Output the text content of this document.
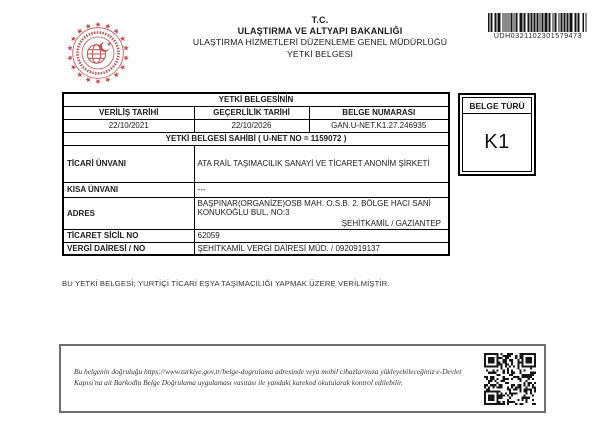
T.C.
ULAŞTIRMA VE ALTYAPI BAKANLIĞI
ULAŞTIRMA HİZMETLERİ DÜZENLEME GENEL MÜDÜRLÜĞÜ
YETKİ BELGESİ
UDH0321102301579473
YETKİ BELGESİNİN		
VERİLİŞ TARİHİ	GEÇERLİLİK TARİHİ	BELGE NUMARASI
22/10/2021	22/10/2026	GAN.U-NET.K1.27.246935
YETKİ BELGESİ SAHİBİ ( U-NET NO = 1159072 )		
TİCARİ ÜNVANI	ATA RAİL TAŞIMACILIK SANAYİ VE TİCARET ANONİM ŞİRKETİ	
KISA ÜNVANI	---	
ADRES	BAŞPINAR(ORGANİZE)OSB MAH. O.S.B. 2. BÖLGE HACI SANİ KONUKOĞLU BUL. NO:3
ŞEHİTKAMİL / GAZİANTEP	

TİCARET SİCİL NO	62059	
VERGİ DAİRESİ / NO	ŞEHİTKAMİL VERGİ DAİRESİ MÜD. / 0920919137	
BELGE TÜRÜ
K1
BU YETKİ BELGESİ; YURTİÇİ TİCARİ EŞYA TAŞIMACILIĞI YAPMAK ÜZERE VERİLMİŞTİR.
Bu belgenin doğruluğu https://www.turkiye.gov.tr/belge-dogrulama adresinde veya mobil cihazlarınıza yükleyebileceğiniz e-Devlet Kapısı'na ait Barkodlu Belge Doğrulama uygulaması vasıtası ile yandaki karekod okutularak kontrol edilebilir.
